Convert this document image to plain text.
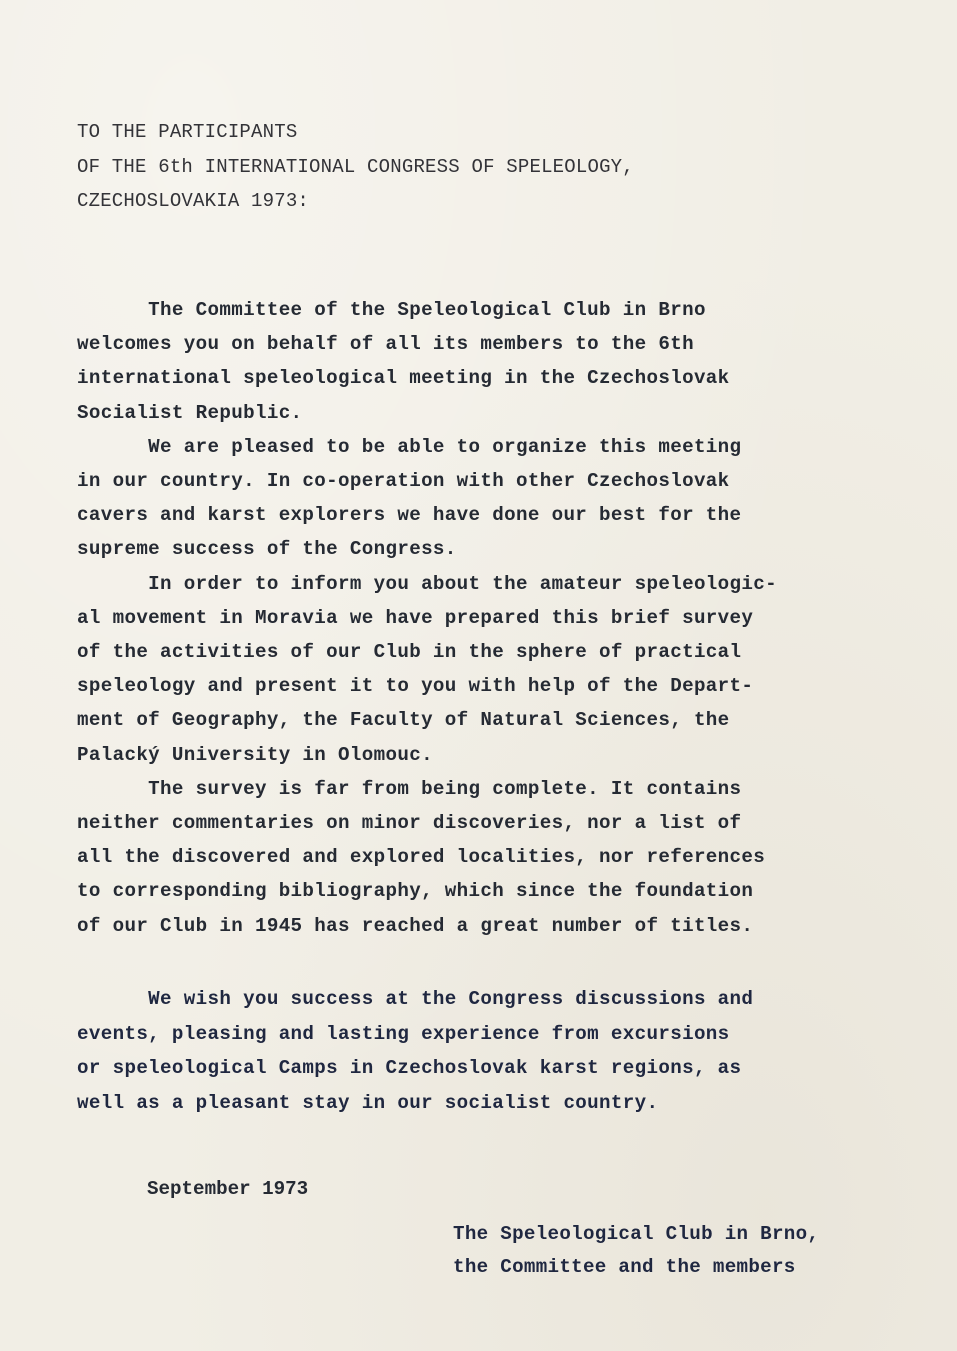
TO THE PARTICIPANTS
OF THE 6th INTERNATIONAL CONGRESS OF SPELEOLOGY,
CZECHOSLOVAKIA 1973:
The Committee of the Speleological Club in Brno
welcomes you on behalf of all its members to the 6th
international speleological meeting in the Czechoslovak
Socialist Republic.
We are pleased to be able to organize this meeting
in our country. In co-operation with other Czechoslovak
cavers and karst explorers we have done our best for the
supreme success of the Congress.
In order to inform you about the amateur speleologic-
al movement in Moravia we have prepared this brief survey
of the activities of our Club in the sphere of practical
speleology and present it to you with help of the Depart-
ment of Geography, the Faculty of Natural Sciences, the
Palacký University in Olomouc.
The survey is far from being complete. It contains
neither commentaries on minor discoveries, nor a list of
all the discovered and explored localities, nor references
to corresponding bibliography, which since the foundation
of our Club in 1945 has reached a great number of titles.
We wish you success at the Congress discussions and
events, pleasing and lasting experience from excursions
or speleological Camps in Czechoslovak karst regions, as
well as a pleasant stay in our socialist country.
September 1973
The Speleological Club in Brno,
the Committee and the members
